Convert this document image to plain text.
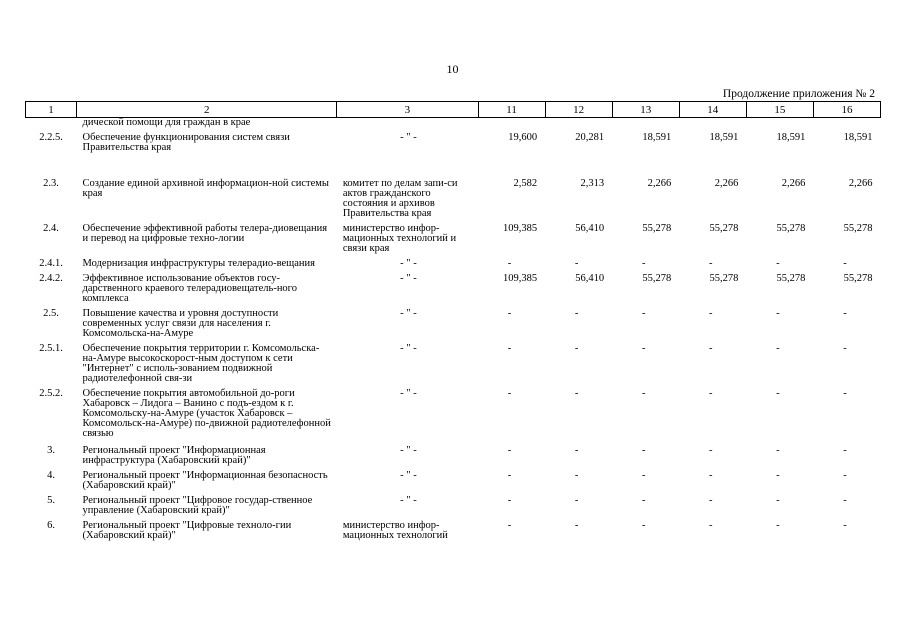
10
Продолжение приложения № 2
1	2	3	11	12	13	14	15	16
	дической помощи для граждан в крае							
2.2.5.	Обеспечение функционирования систем связи Правительства края	- " -	19,600	20,281	18,591	18,591	18,591	18,591
2.3.	Создание единой архивной информацион-ной системы края	комитет по делам запи-си актов гражданского состояния и архивов Правительства края	2,582	2,313	2,266	2,266	2,266	2,266
2.4.	Обеспечение эффективной работы телера-диовещания и перевод на цифровые техно-логии	министерство инфор-мационных технологий и связи края	109,385	56,410	55,278	55,278	55,278	55,278
2.4.1.	Модернизация инфраструктуры телерадио-вещания	- " -	-	-	-	-	-	-
2.4.2.	Эффективное использование объектов госу-дарственного краевого телерадиовещатель-ного комплекса	- " -	109,385	56,410	55,278	55,278	55,278	55,278
2.5.	Повышение качества и уровня доступности современных услуг связи для населения г. Комсомольска-на-Амуре	- " -	-	-	-	-	-	-
2.5.1.	Обеспечение покрытия территории г. Комсомольска-на-Амуре высокоскорост-ным доступом к сети "Интернет" с исполь-зованием подвижной радиотелефонной свя-зи	- " -	-	-	-	-	-	-
2.5.2.	Обеспечение покрытия автомобильной до-роги Хабаровск – Лидога – Ванино с подъ-ездом к г. Комсомольску-на-Амуре (участок Хабаровск – Комсомольск-на-Амуре) по-движной радиотелефонной связью	- " -	-	-	-	-	-	-
3.	Региональный проект "Информационная инфраструктура (Хабаровский край)"	- " -	-	-	-	-	-	-
4.	Региональный проект "Информационная безопасность (Хабаровский край)"	- " -	-	-	-	-	-	-
5.	Региональный проект "Цифровое государ-ственное управление (Хабаровский край)"	- " -	-	-	-	-	-	-
6.	Региональный проект "Цифровые техноло-гии (Хабаровский край)"	министерство инфор-мационных технологий	-	-	-	-	-	-
